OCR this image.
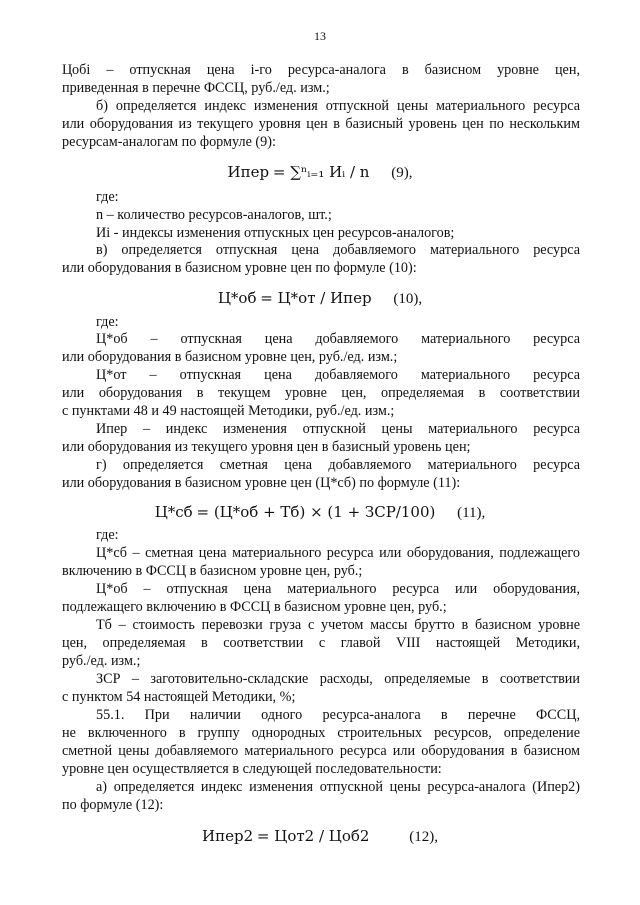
13
Цобi – отпускная цена i-го ресурса-аналога в базисном уровне цен,
приведенная в перечне ФССЦ, руб./ед. изм.;
б) определяется индекс изменения отпускной цены материального ресурса
или оборудования из текущего уровня цен в базисный уровень цен по нескольким
ресурсам-аналогам по формуле (9):
Ипер = ∑ⁿᵢ₌₁ Иᵢ / n (9),
где:
n – количество ресурсов-аналогов, шт.;
Иi - индексы изменения отпускных цен ресурсов-аналогов;
в) определяется отпускная цена добавляемого материального ресурса
или оборудования в базисном уровне цен по формуле (10):
Ц*об = Ц*от / Ипер (10),
где:
Ц*об – отпускная цена добавляемого материального ресурса
или оборудования в базисном уровне цен, руб./ед. изм.;
Ц*от – отпускная цена добавляемого материального ресурса
или оборудования в текущем уровне цен, определяемая в соответствии
с пунктами 48 и 49 настоящей Методики, руб./ед. изм.;
Ипер – индекс изменения отпускной цены материального ресурса
или оборудования из текущего уровня цен в базисный уровень цен;
г) определяется сметная цена добавляемого материального ресурса
или оборудования в базисном уровне цен (Ц*сб) по формуле (11):
Ц*сб = (Ц*об + Тб) × (1 + ЗСР/100) (11),
где:
Ц*сб – сметная цена материального ресурса или оборудования, подлежащего
включению в ФССЦ в базисном уровне цен, руб.;
Ц*об – отпускная цена материального ресурса или оборудования,
подлежащего включению в ФССЦ в базисном уровне цен, руб.;
Тб – стоимость перевозки груза с учетом массы брутто в базисном уровне
цен, определяемая в соответствии с главой VIII настоящей Методики,
руб./ед. изм.;
ЗСР – заготовительно-складские расходы, определяемые в соответствии
с пунктом 54 настоящей Методики, %;
55.1. При наличии одного ресурса-аналога в перечне ФССЦ,
не включенного в группу однородных строительных ресурсов, определение
сметной цены добавляемого материального ресурса или оборудования в базисном
уровне цен осуществляется в следующей последовательности:
а) определяется индекс изменения отпускной цены ресурса-аналога (Ипер2)
по формуле (12):
Ипер2 = Цот2 / Цоб2	(12),
